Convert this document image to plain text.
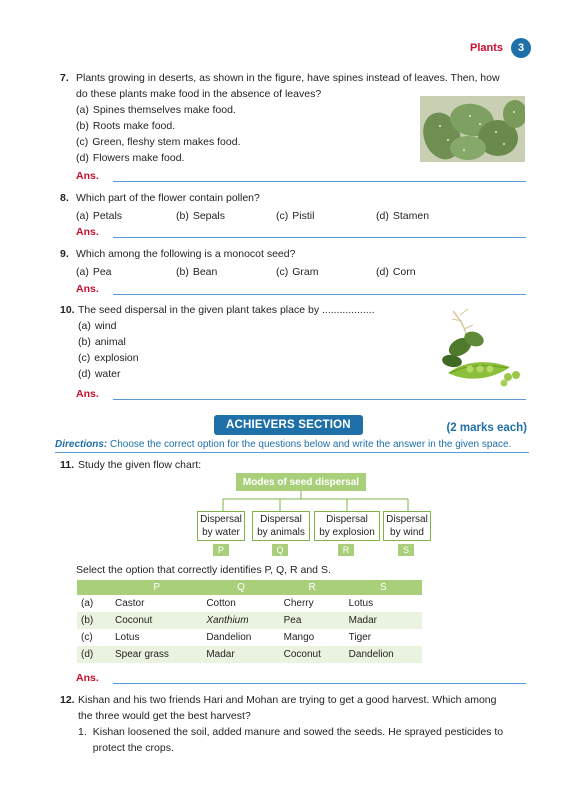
Plants	3
7. Plants growing in deserts, as shown in the figure, have spines instead of leaves. Then, how
do these plants make food in the absence of leaves?
(a) Spines themselves make food.
(b) Roots make food.
(c) Green, fleshy stem makes food.
(d) Flowers make food.
Ans.
8. Which part of the flower contain pollen?
(a) Petals	(b) Sepals	(c) Pistil	(d) Stamen
Ans.
9. Which among the following is a monocot seed?
(a) Pea	(b) Bean	(c) Gram	(d) Corn
Ans.
10. The seed dispersal in the given plant takes place by ..................
(a) wind
(b) animal
(c) explosion
(d) water
Ans.
ACHIEVERS SECTION	(2 marks each)
Directions: Choose the correct option for the questions below and write the answer in the given space.
11. Study the given flow chart:
Modes of seed dispersal
Dispersal
by water
Dispersal
by animals
Dispersal
by explosion
Dispersal
by wind
P	Q	R	S
Select the option that correctly identifies P, Q, R and S.
	P	Q	R	S
(a)	Castor	Cotton	Cherry	Lotus
(b)	Coconut	Xanthium	Pea	Madar
(c)	Lotus	Dandelion	Mango	Tiger
(d)	Spear grass	Madar	Coconut	Dandelion
Ans.
12. Kishan and his two friends Hari and Mohan are trying to get a good harvest. Which among
the three would get the best harvest?
1. Kishan loosened the soil, added manure and sowed the seeds. He sprayed pesticides to
protect the crops.
